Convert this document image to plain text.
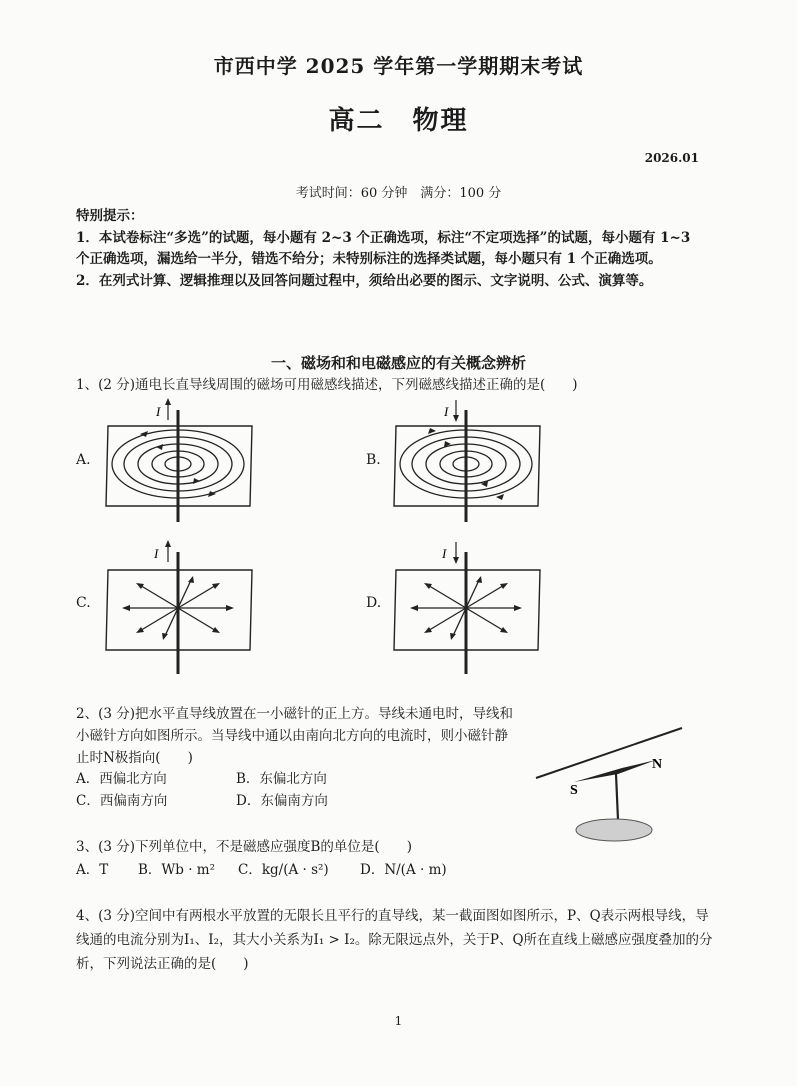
市西中学 2025 学年第一学期期末考试
高二　物理
2026.01
考试时间：60 分钟　满分：100 分

特别提示：

1．本试卷标注“多选”的试题，每小题有 2~3 个正确选项，标注“不定项选择”的试题，每小题有 1~3 个正确选项，漏选给一半分，错选不给分；未特别标注的选择类试题，每小题只有 1 个正确选项。

2．在列式计算、逻辑推理以及回答问题过程中，须给出必要的图示、文字说明、公式、演算等。

一、磁场和和电磁感应的有关概念辨析
1、(2 分)通电长直导线周围的磁场可用磁感线描述，下列磁感线描述正确的是(　　)
A.	B.
C.	D.
I	I
I	I
2、(3 分)把水平直导线放置在一小磁针的正上方。导线未通电时，导线和小磁针方向如图所示。当导线中通以由南向北方向的电流时，则小磁针静止时N极指向(　　)
A．西偏北方向	B．东偏北方向
C．西偏南方向	D．东偏南方向
S
N
3、(3 分)下列单位中，不是磁感应强度B的单位是(　　)
A．T B．Wb · m² C．kg/(A · s²) D．N/(A · m)
4、(3 分)空间中有两根水平放置的无限长且平行的直导线，某一截面图如图所示，P、Q表示两根导线，导线通的电流分别为I₁、I₂，其大小关系为I₁ > I₂。除无限远点外，关于P、Q所在直线上磁感应强度叠加的分析，下列说法正确的是(　　)
1
